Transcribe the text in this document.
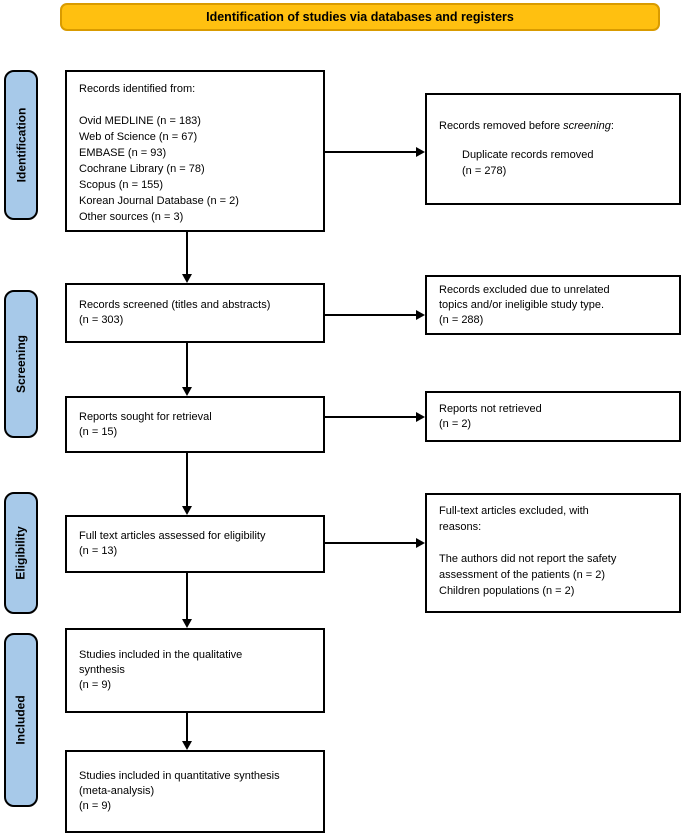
Identification of studies via databases and registers
Identification
Screening
Eligibility
Included
Records identified from:

Ovid MEDLINE (n = 183)
Web of Science (n = 67)
EMBASE (n = 93)
Cochrane Library (n = 78)
Scopus (n = 155)
Korean Journal Database (n = 2)
Other sources (n = 3)
Records screened (titles and abstracts)
(n = 303)
Reports sought for retrieval
(n = 15)
Full text articles assessed for eligibility
(n = 13)
Studies included in the qualitative
synthesis
(n = 9)
Studies included in quantitative synthesis
(meta-analysis)
(n = 9)
Records removed before screening:
Duplicate records removed
(n = 278)
Records excluded due to unrelated
topics and/or ineligible study type.
(n = 288)
Reports not retrieved
(n = 2)
Full-text articles excluded, with
reasons:

The authors did not report the safety
assessment of the patients (n = 2)
Children populations (n = 2)
